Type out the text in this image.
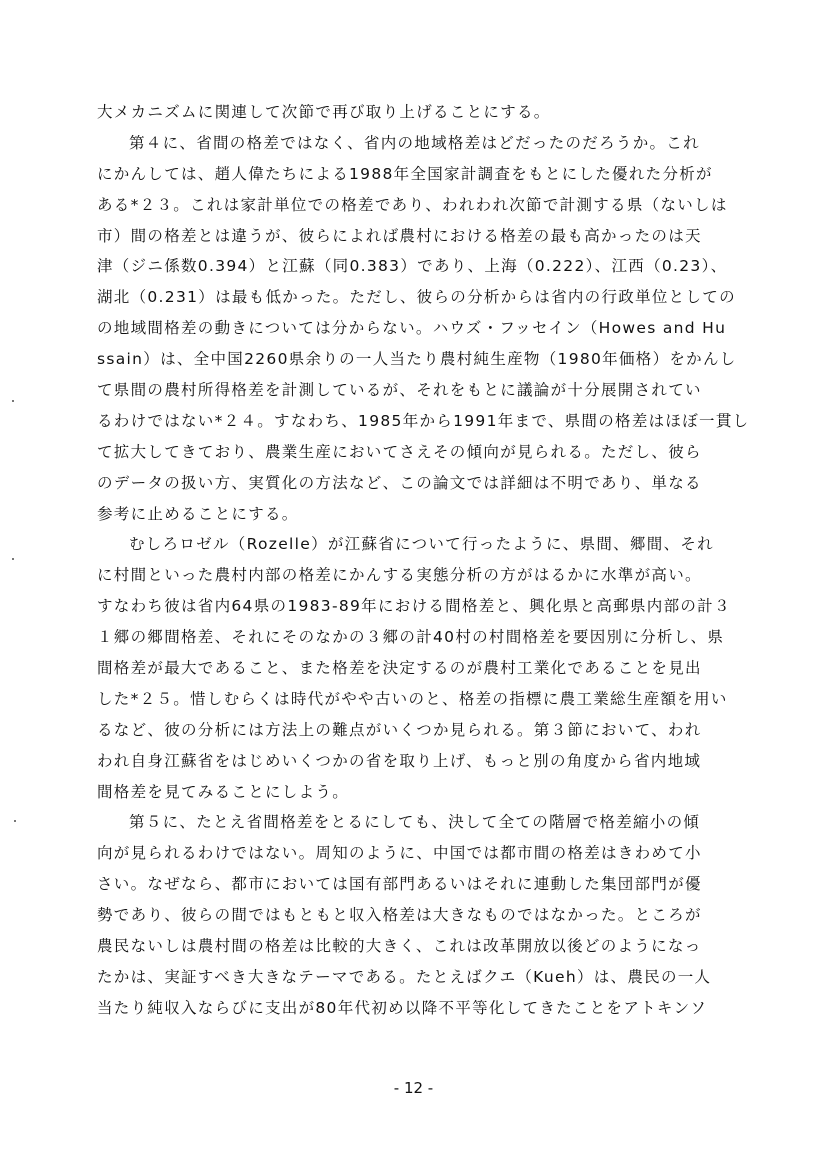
大メカニズムに関連して次節で再び取り上げることにする。
第４に、省間の格差ではなく、省内の地域格差はどだったのだろうか。これ
にかんしては、趙人偉たちによる1988年全国家計調査をもとにした優れた分析が
ある*２３。これは家計単位での格差であり、われわれ次節で計測する県（ないしは
市）間の格差とは違うが、彼らによれば農村における格差の最も高かったのは天
津（ジニ係数0.394）と江蘇（同0.383）であり、上海（0.222）、江西（0.23）、
湖北（0.231）は最も低かった。ただし、彼らの分析からは省内の行政単位としての
の地域間格差の動きについては分からない。ハウズ・フッセイン（Howes and Hu
ssain）は、全中国2260県余りの一人当たり農村純生産物（1980年価格）をかんし
て県間の農村所得格差を計測しているが、それをもとに議論が十分展開されてい
るわけではない*２４。すなわち、1985年から1991年まで、県間の格差はほぼ一貫し
て拡大してきており、農業生産においてさえその傾向が見られる。ただし、彼ら
のデータの扱い方、実質化の方法など、この論文では詳細は不明であり、単なる
参考に止めることにする。
むしろロゼル（Rozelle）が江蘇省について行ったように、県間、郷間、それ
に村間といった農村内部の格差にかんする実態分析の方がはるかに水準が高い。
すなわち彼は省内64県の1983-89年における間格差と、興化県と高郵県内部の計３
１郷の郷間格差、それにそのなかの３郷の計40村の村間格差を要因別に分析し、県
間格差が最大であること、また格差を決定するのが農村工業化であることを見出
した*２５。惜しむらくは時代がやや古いのと、格差の指標に農工業総生産額を用い
るなど、彼の分析には方法上の難点がいくつか見られる。第３節において、われ
われ自身江蘇省をはじめいくつかの省を取り上げ、もっと別の角度から省内地域
間格差を見てみることにしよう。
第５に、たとえ省間格差をとるにしても、決して全ての階層で格差縮小の傾
向が見られるわけではない。周知のように、中国では都市間の格差はきわめて小
さい。なぜなら、都市においては国有部門あるいはそれに連動した集団部門が優
勢であり、彼らの間ではもともと収入格差は大きなものではなかった。ところが
農民ないしは農村間の格差は比較的大きく、これは改革開放以後どのようになっ
たかは、実証すべき大きなテーマである。たとえばクエ（Kueh）は、農民の一人
当たり純収入ならびに支出が80年代初め以降不平等化してきたことをアトキンソ
- 12 -
